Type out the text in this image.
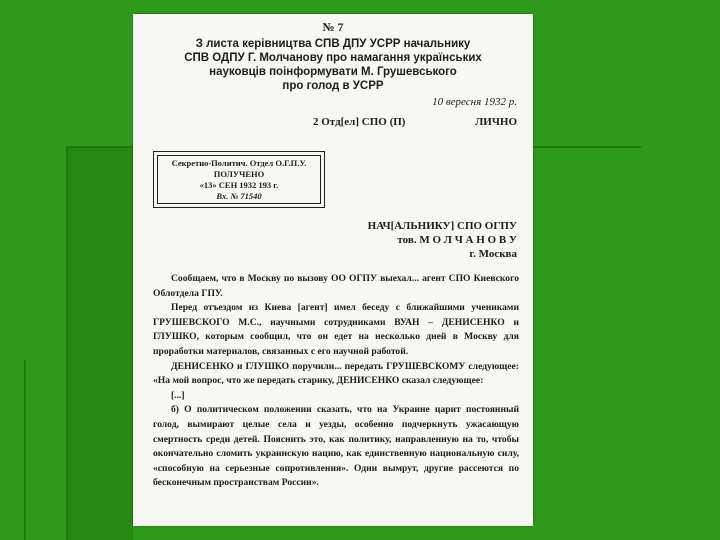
№ 7
З листа керівництва СПВ ДПУ УСРР начальнику
СПВ ОДПУ Г. Молчанову про намагання українських
науковців поінформувати М. Грушевського
про голод в УСРР
10 вересня 1932 р.
2 Отд[ел] СПО (П)	ЛИЧНО
Секретно-Политич. Отдел О.Г.П.У.
ПОЛУЧЕНО
«13» СЕН 1932 193 г.
Вх. № 71540
НАЧ[АЛЬНИКУ] СПО ОГПУ
тов. М О Л Ч А Н О В У
г. Москва

Сообщаем, что в Москву по вызову ОО ОГПУ выехал... агент СПО Киевского Облотдела ГПУ.

Перед отъездом из Киева [агент] имел беседу с ближайшими учениками ГРУШЕВСКОГО М.С., научными сотрудниками ВУАН – ДЕНИСЕНКО и ГЛУШКО, которым сообщил, что он едет на несколько дней в Москву для проработки материалов, связанных с его научной работой.

ДЕНИСЕНКО и ГЛУШКО поручили... передать ГРУШЕВСКОМУ следующее: «На мой вопрос, что же передать старику, ДЕНИСЕНКО сказал следующее:

[...]

б) О политическом положении сказать, что на Украине царит постоянный голод, вымирают целые села и уезды, особенно подчеркнуть ужасающую смертность среди детей. Пояснить это, как политику, направленную на то, чтобы окончательно сломить украинскую нацию, как единственную национальную силу, «способную на серьезные сопротивления». Одни вымрут, другие рассеются по бесконечным пространствам России».
